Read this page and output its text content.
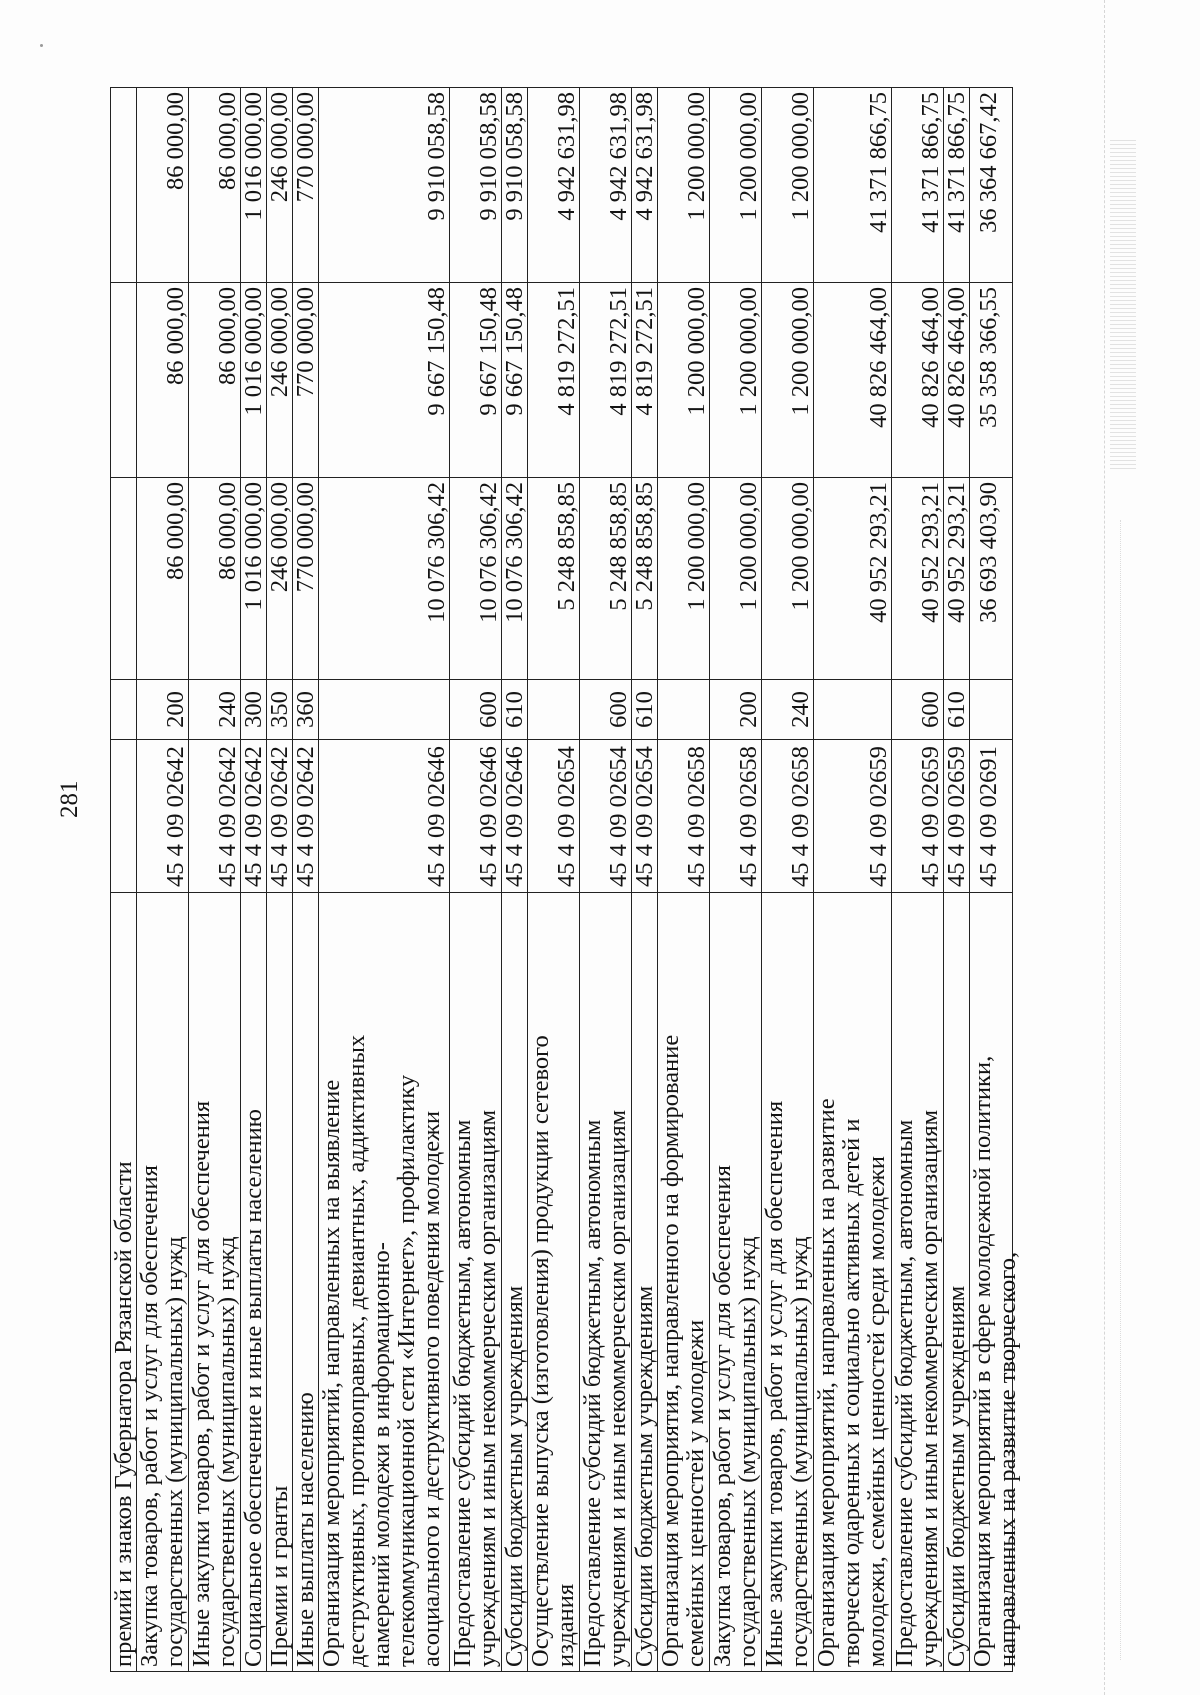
281
премий и знаков Губернатора Рязанской области Закупка товаров, работ и услуг для обеспечения
государственных (муниципальных) нужд
45 4 09 02642
200
86 000,00
86 000,00
86 000,00
Иные закупки товаров, работ и услуг для обеспечения
государственных (муниципальных) нужд
45 4 09 02642
240
86 000,00
86 000,00
86 000,00
Социальное обеспечение и иные выплаты населению
45 4 09 02642
300
1 016 000,00
1 016 000,00
1 016 000,00
Премии и гранты
45 4 09 02642
350
246 000,00
246 000,00
246 000,00
Иные выплаты населению
45 4 09 02642
360
770 000,00
770 000,00
770 000,00
Организация мероприятий, направленных на выявление
деструктивных, противоправных, девиантных, аддиктивных
намерений молодежи в информационно-
телекоммуникационной сети «Интернет», профилактику
асоциального и деструктивного поведения молодежи
45 4 09 02646
10 076 306,42
9 667 150,48
9 910 058,58
Предоставление субсидий бюджетным, автономным
учреждениям и иным некоммерческим организациям
45 4 09 02646
600
10 076 306,42
9 667 150,48
9 910 058,58
Субсидии бюджетным учреждениям
45 4 09 02646
610
10 076 306,42
9 667 150,48
9 910 058,58
Осуществление выпуска (изготовления) продукции сетевого
издания
45 4 09 02654
5 248 858,85
4 819 272,51
4 942 631,98
Предоставление субсидий бюджетным, автономным
учреждениям и иным некоммерческим организациям
45 4 09 02654
600
5 248 858,85
4 819 272,51
4 942 631,98
Субсидии бюджетным учреждениям
45 4 09 02654
610
5 248 858,85
4 819 272,51
4 942 631,98
Организация мероприятия, направленного на формирование
семейных ценностей у молодежи
45 4 09 02658
1 200 000,00
1 200 000,00
1 200 000,00
Закупка товаров, работ и услуг для обеспечения
государственных (муниципальных) нужд
45 4 09 02658
200
1 200 000,00
1 200 000,00
1 200 000,00
Иные закупки товаров, работ и услуг для обеспечения
государственных (муниципальных) нужд
45 4 09 02658
240
1 200 000,00
1 200 000,00
1 200 000,00
Организация мероприятий, направленных на развитие
творчески одаренных и социально активных детей и
молодежи, семейных ценностей среди молодежи
45 4 09 02659
40 952 293,21
40 826 464,00
41 371 866,75
Предоставление субсидий бюджетным, автономным
учреждениям и иным некоммерческим организациям
45 4 09 02659
600
40 952 293,21
40 826 464,00
41 371 866,75
Субсидии бюджетным учреждениям
45 4 09 02659
610
40 952 293,21
40 826 464,00
41 371 866,75
Организация мероприятий в сфере молодежной политики,
направленных на развитие творческого,
45 4 09 02691
36 693 403,90
35 358 366,55
36 364 667,42
